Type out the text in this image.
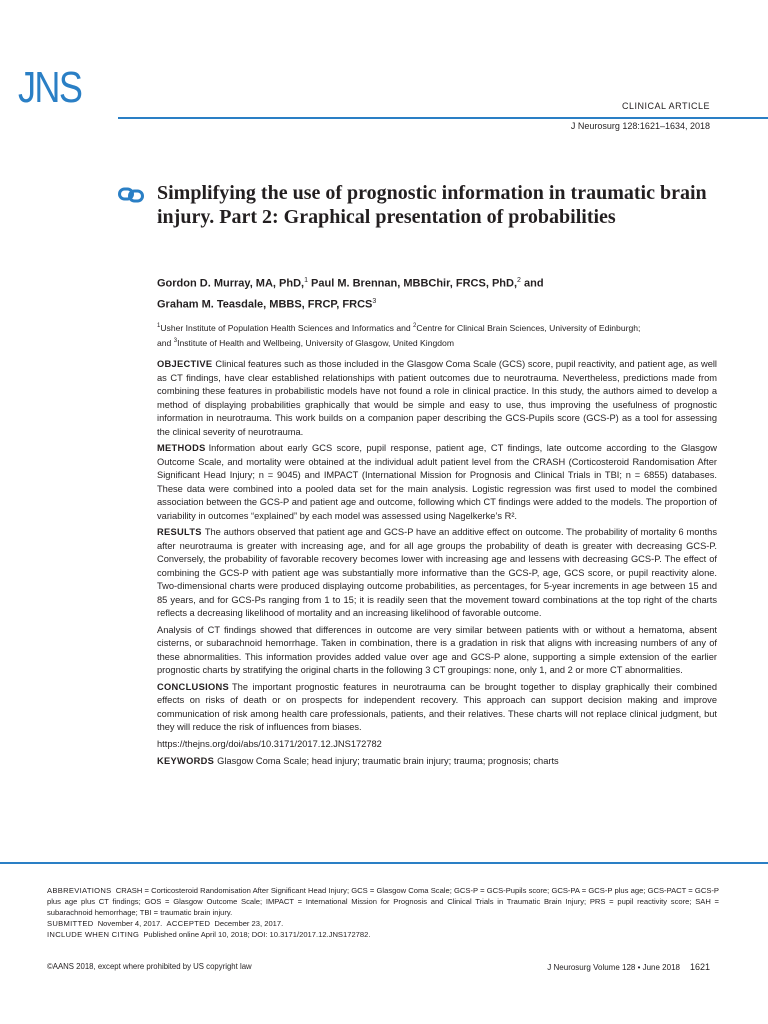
JNS	CLINICAL ARTICLE
J Neurosurg 128:1621–1634, 2018
Simplifying the use of prognostic information in traumatic brain injury. Part 2: Graphical presentation of probabilities

Gordon D. Murray, MA, PhD,$^1$ Paul M. Brennan, MBBChir, FRCS, PhD,$^2$ and
Graham M. Teasdale, MBBS, FRCP, FRCS$^3$

$^1$Usher Institute of Population Health Sciences and Informatics and $^2$Centre for Clinical Brain Sciences, University of Edinburgh;
and $^3$Institute of Health and Wellbeing, University of Glasgow, United Kingdom

OBJECTIVE Clinical features such as those included in the Glasgow Coma Scale (GCS) score, pupil reactivity, and patient age, as well as CT findings, have clear established relationships with patient outcomes due to neurotrauma. Nevertheless, predictions made from combining these features in probabilistic models have not found a role in clinical practice. In this study, the authors aimed to develop a method of displaying probabilities graphically that would be simple and easy to use, thus improving the usefulness of prognostic information in neurotrauma. This work builds on a companion paper describing the GCS-Pupils score (GCS-P) as a tool for assessing the clinical severity of neurotrauma.

METHODS Information about early GCS score, pupil response, patient age, CT findings, late outcome according to the Glasgow Outcome Scale, and mortality were obtained at the individual adult patient level from the CRASH (Corticosteroid Randomisation After Significant Head Injury; n = 9045) and IMPACT (International Mission for Prognosis and Clinical Trials in TBI; n = 6855) databases. These data were combined into a pooled data set for the main analysis. Logistic regression was first used to model the combined association between the GCS-P and patient age and outcome, following which CT findings were added to the models. The proportion of variability in outcomes “explained” by each model was assessed using Nagelkerke’s R².

RESULTS The authors observed that patient age and GCS-P have an additive effect on outcome. The probability of mortality 6 months after neurotrauma is greater with increasing age, and for all age groups the probability of death is greater with decreasing GCS-P. Conversely, the probability of favorable recovery becomes lower with increasing age and lessens with decreasing GCS-P. The effect of combining the GCS-P with patient age was substantially more informative than the GCS-P, age, GCS score, or pupil reactivity alone. Two-dimensional charts were produced displaying outcome probabilities, as percentages, for 5-year increments in age between 15 and 85 years, and for GCS-Ps ranging from 1 to 15; it is readily seen that the movement toward combinations at the top right of the charts reflects a decreasing likelihood of mortality and an increasing likelihood of favorable outcome.

Analysis of CT findings showed that differences in outcome are very similar between patients with or without a hematoma, absent cisterns, or subarachnoid hemorrhage. Taken in combination, there is a gradation in risk that aligns with increasing numbers of any of these abnormalities. This information provides added value over age and GCS-P alone, supporting a simple extension of the earlier prognostic charts by stratifying the original charts in the following 3 CT groupings: none, only 1, and 2 or more CT abnormalities.

CONCLUSIONS The important prognostic features in neurotrauma can be brought together to display graphically their combined effects on risks of death or on prospects for independent recovery. This approach can support decision making and improve communication of risk among health care professionals, patients, and their relatives. These charts will not replace clinical judgment, but they will reduce the risk of influences from biases.

https://thejns.org/doi/abs/10.3171/2017.12.JNS172782

KEYWORDS Glasgow Coma Scale; head injury; traumatic brain injury; trauma; prognosis; charts

ABBREVIATIONS CRASH = Corticosteroid Randomisation After Significant Head Injury; GCS = Glasgow Coma Scale; GCS-P = GCS-Pupils score; GCS-PA = GCS-P plus age; GCS-PACT = GCS-P plus age plus CT findings; GOS = Glasgow Outcome Scale; IMPACT = International Mission for Prognosis and Clinical Trials in Traumatic Brain Injury; PRS = pupil reactivity score; SAH = subarachnoid hemorrhage; TBI = traumatic brain injury.

SUBMITTED November 4, 2017. ACCEPTED December 23, 2017.

INCLUDE WHEN CITING Published online April 10, 2018; DOI: 10.3171/2017.12.JNS172782.

©AANS 2018, except where prohibited by US copyright law	J Neurosurg Volume 128 • June 2018 1621
